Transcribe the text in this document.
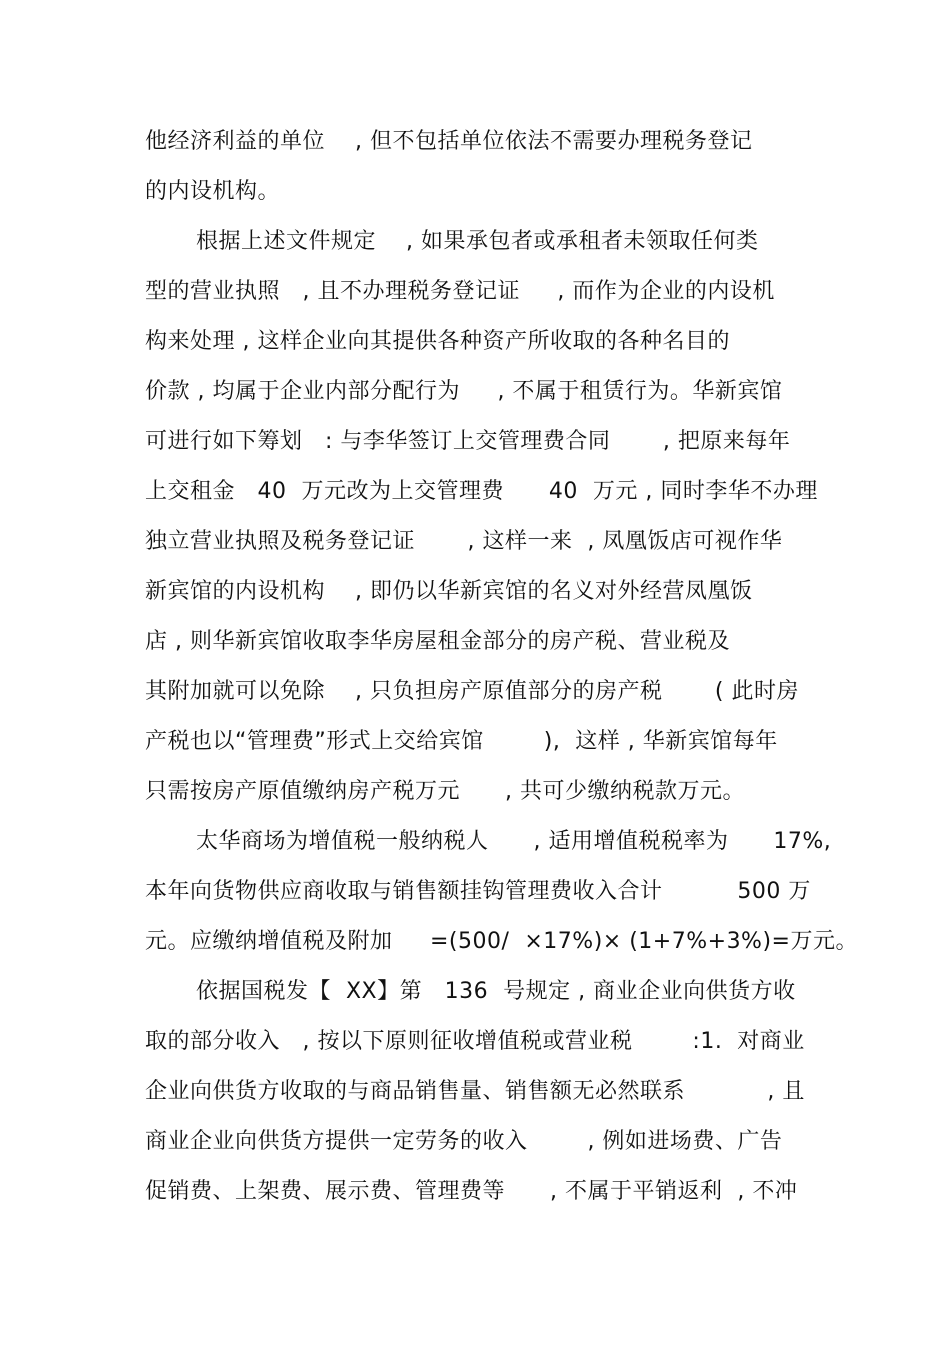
他经济利益的单位    , 但不包括单位依法不需要办理税务登记
的内设机构。
根据上述文件规定    , 如果承包者或承租者未领取任何类
型的营业执照   , 且不办理税务登记证     , 而作为企业的内设机
构来处理 , 这样企业向其提供各种资产所收取的各种名目的
价款 , 均属于企业内部分配行为     , 不属于租赁行为。华新宾馆
可进行如下筹划   : 与李华签订上交管理费合同       , 把原来每年
上交租金   40  万元改为上交管理费      40  万元 , 同时李华不办理
独立营业执照及税务登记证       , 这样一来  , 凤凰饭店可视作华
新宾馆的内设机构    , 即仍以华新宾馆的名义对外经营凤凰饭
店 , 则华新宾馆收取李华房屋租金部分的房产税、营业税及
其附加就可以免除    , 只负担房产原值部分的房产税       ( 此时房
产税也以“管理费”形式上交给宾馆        ),  这样 , 华新宾馆每年
只需按房产原值缴纳房产税万元      , 共可少缴纳税款万元。
太华商场为增值税一般纳税人      , 适用增值税税率为      17%,
本年向货物供应商收取与销售额挂钩管理费收入合计          500 万
元。应缴纳增值税及附加     =(500/  ×17%)× (1+7%+3%)=万元。
依据国税发【  XX】第   136  号规定 , 商业企业向供货方收
取的部分收入   , 按以下原则征收增值税或营业税        :1.  对商业
企业向供货方收取的与商品销售量、销售额无必然联系           , 且
商业企业向供货方提供一定劳务的收入        , 例如进场费、广告
促销费、上架费、展示费、管理费等      , 不属于平销返利  , 不冲
